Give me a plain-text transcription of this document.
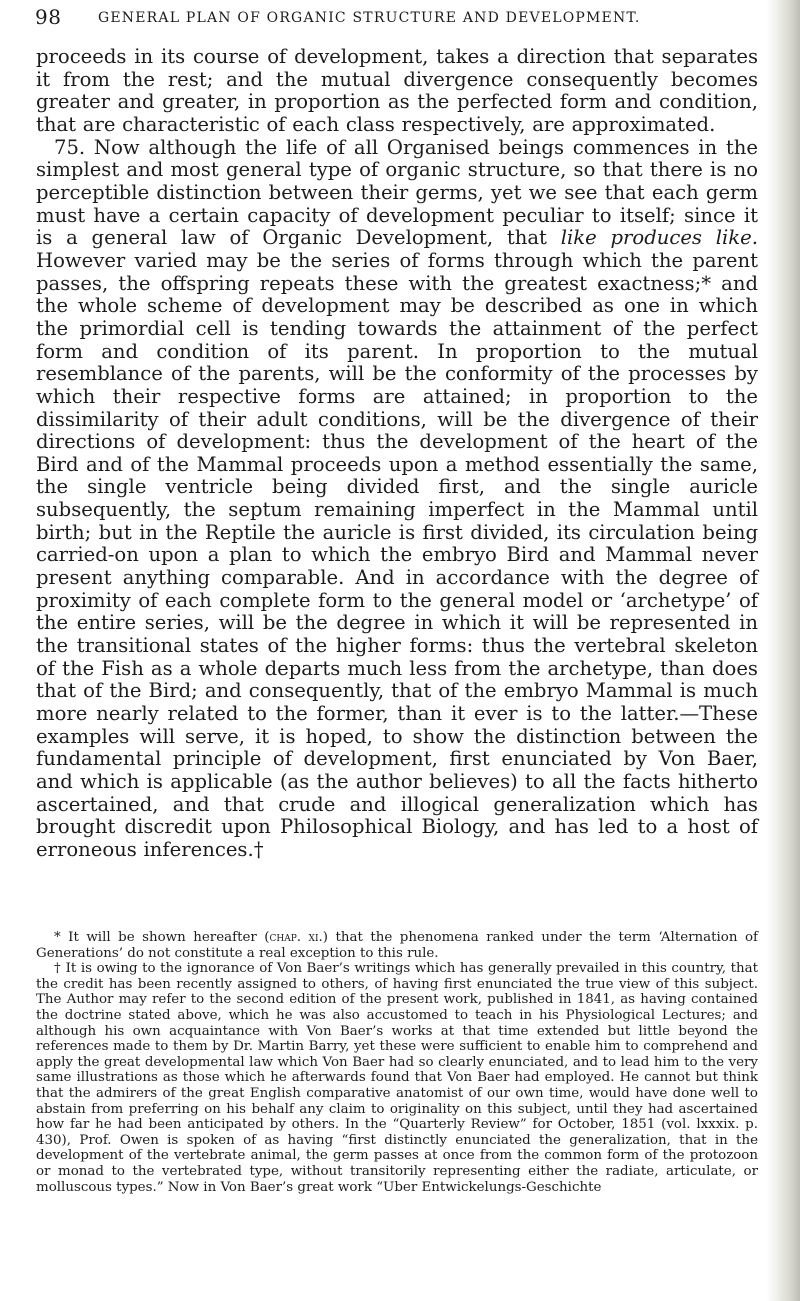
98	GENERAL PLAN OF ORGANIC STRUCTURE AND DEVELOPMENT.

proceeds in its course of development, takes a direction that separates it from the rest; and the mutual divergence consequently becomes greater and greater, in proportion as the perfected form and condition, that are characteristic of each class respectively, are approximated.

75. Now although the life of all Organised beings commences in the simplest and most general type of organic structure, so that there is no perceptible distinction between their germs, yet we see that each germ must have a certain capacity of development peculiar to itself; since it is a general law of Organic Development, that like produces like. However varied may be the series of forms through which the parent passes, the offspring repeats these with the greatest exactness;* and the whole scheme of development may be described as one in which the primordial cell is tending towards the attainment of the perfect form and condition of its parent. In proportion to the mutual resemblance of the parents, will be the conformity of the processes by which their respective forms are attained; in proportion to the dissimilarity of their adult conditions, will be the divergence of their directions of development: thus the development of the heart of the Bird and of the Mammal proceeds upon a method essentially the same, the single ventricle being divided first, and the single auricle subsequently, the septum remaining imperfect in the Mammal until birth; but in the Reptile the auricle is first divided, its circulation being carried-on upon a plan to which the embryo Bird and Mammal never present anything comparable. And in accordance with the degree of proximity of each complete form to the general model or ‘archetype’ of the entire series, will be the degree in which it will be represented in the transitional states of the higher forms: thus the vertebral skeleton of the Fish as a whole departs much less from the archetype, than does that of the Bird; and consequently, that of the embryo Mammal is much more nearly related to the former, than it ever is to the latter.—These examples will serve, it is hoped, to show the distinction between the fundamental principle of development, first enunciated by Von Baer, and which is applicable (as the author believes) to all the facts hitherto ascertained, and that crude and illogical generalization which has brought discredit upon Philosophical Biology, and has led to a host of erroneous inferences.†

* It will be shown hereafter (chap. xi.) that the phenomena ranked under the term ‘Alternation of Generations’ do not constitute a real exception to this rule.

† It is owing to the ignorance of Von Baer’s writings which has generally prevailed in this country, that the credit has been recently assigned to others, of having first enunciated the true view of this subject. The Author may refer to the second edition of the present work, published in 1841, as having contained the doctrine stated above, which he was also accustomed to teach in his Physiological Lectures; and although his own acquaintance with Von Baer’s works at that time extended but little beyond the references made to them by Dr. Martin Barry, yet these were sufficient to enable him to comprehend and apply the great developmental law which Von Baer had so clearly enunciated, and to lead him to the very same illustrations as those which he afterwards found that Von Baer had employed. He cannot but think that the admirers of the great English comparative anatomist of our own time, would have done well to abstain from preferring on his behalf any claim to originality on this subject, until they had ascertained how far he had been anticipated by others. In the “Quarterly Review” for October, 1851 (vol. lxxxix. p. 430), Prof. Owen is spoken of as having “first distinctly enunciated the generalization, that in the development of the vertebrate animal, the germ passes at once from the common form of the protozoon or monad to the vertebrated type, without transitorily representing either the radiate, articulate, or molluscous types.” Now in Von Baer’s great work “Uber Entwickelungs-Geschichte
